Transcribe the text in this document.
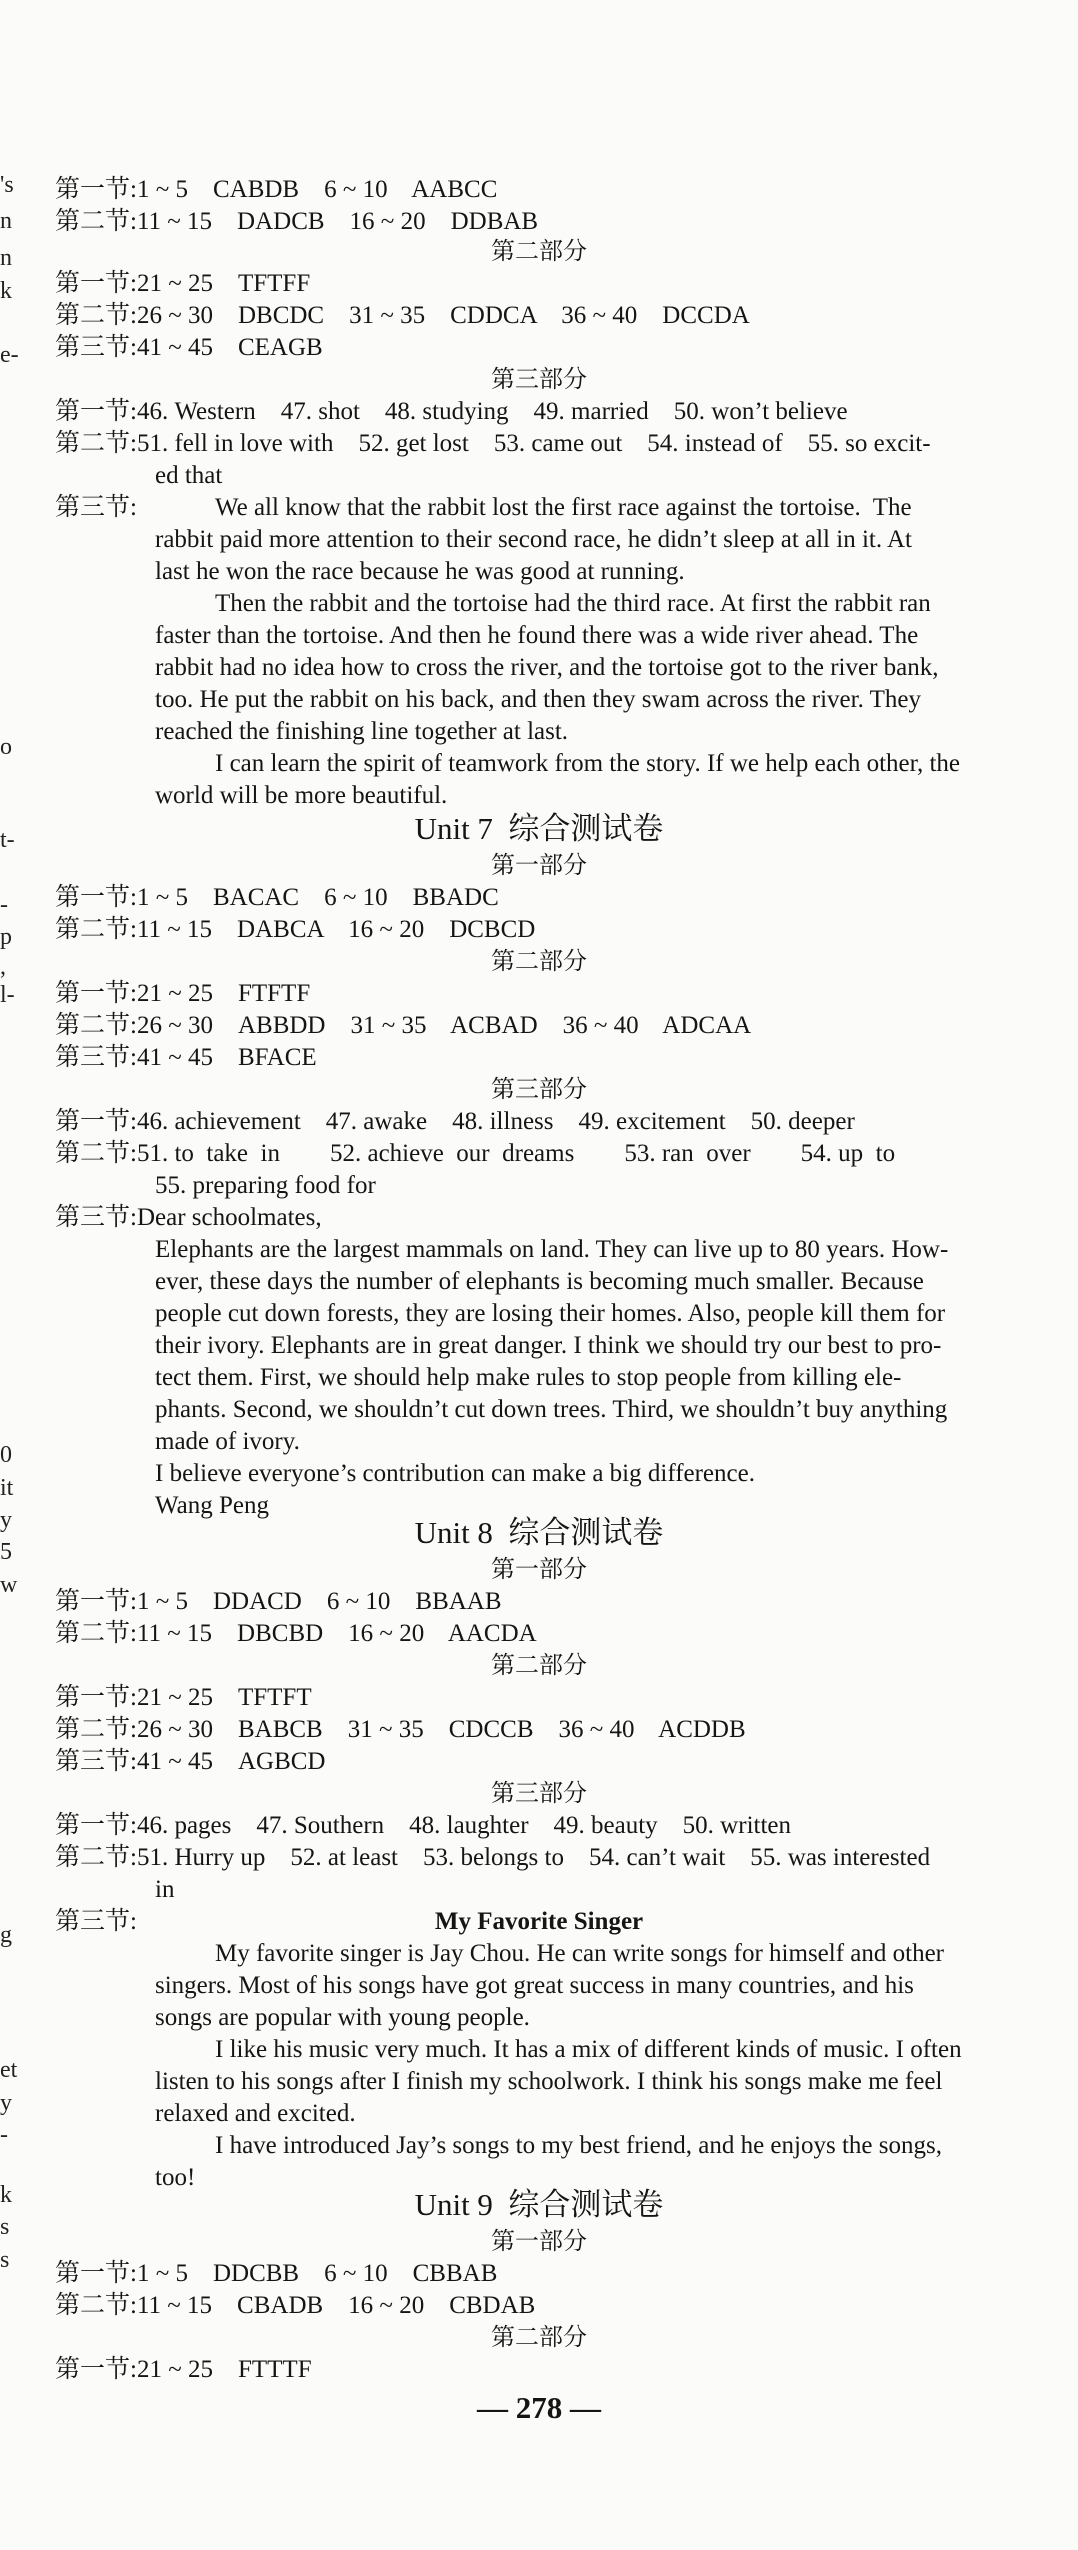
's
n
n
k
e-
o
t-
-
p
,
l-
0
it
y
5
w
g
et
y
-
k
s
s
第一节:1 ~ 5    CABDB    6 ~ 10    AABCC
第二节:11 ~ 15    DADCB    16 ~ 20    DDBAB
第二部分
第一节:21 ~ 25    TFTFF
第二节:26 ~ 30    DBCDC    31 ~ 35    CDDCA    36 ~ 40    DCCDA
第三节:41 ~ 45    CEAGB
第三部分
第一节:46. Western    47. shot    48. studying    49. married    50. won’t believe
第二节:51. fell in love with    52. get lost    53. came out    54. instead of    55. so excit-
ed that
第三节:	We all know that the rabbit lost the first race against the tortoise.  The
rabbit paid more attention to their second race, he didn’t sleep at all in it. At
last he won the race because he was good at running.
Then the rabbit and the tortoise had the third race. At first the rabbit ran
faster than the tortoise. And then he found there was a wide river ahead. The
rabbit had no idea how to cross the river, and the tortoise got to the river bank,
too. He put the rabbit on his back, and then they swam across the river. They
reached the finishing line together at last.
I can learn the spirit of teamwork from the story. If we help each other, the
world will be more beautiful.
Unit 7  综合测试卷
第一部分
第一节:1 ~ 5    BACAC    6 ~ 10    BBADC
第二节:11 ~ 15    DABCA    16 ~ 20    DCBCD
第二部分
第一节:21 ~ 25    FTFTF
第二节:26 ~ 30    ABBDD    31 ~ 35    ACBAD    36 ~ 40    ADCAA
第三节:41 ~ 45    BFACE
第三部分
第一节:46. achievement    47. awake    48. illness    49. excitement    50. deeper
第二节:51. to  take  in        52. achieve  our  dreams        53. ran  over        54. up  to
55. preparing food for
第三节:Dear schoolmates,
Elephants are the largest mammals on land. They can live up to 80 years. How-
ever, these days the number of elephants is becoming much smaller. Because
people cut down forests, they are losing their homes. Also, people kill them for
their ivory. Elephants are in great danger. I think we should try our best to pro-
tect them. First, we should help make rules to stop people from killing ele-
phants. Second, we shouldn’t cut down trees. Third, we shouldn’t buy anything
made of ivory.
I believe everyone’s contribution can make a big difference.
Wang Peng
Unit 8  综合测试卷
第一部分
第一节:1 ~ 5    DDACD    6 ~ 10    BBAAB
第二节:11 ~ 15    DBCBD    16 ~ 20    AACDA
第二部分
第一节:21 ~ 25    TFTFT
第二节:26 ~ 30    BABCB    31 ~ 35    CDCCB    36 ~ 40    ACDDB
第三节:41 ~ 45    AGBCD
第三部分
第一节:46. pages    47. Southern    48. laughter    49. beauty    50. written
第二节:51. Hurry up    52. at least    53. belongs to    54. can’t wait    55. was interested
in
第三节:	My Favorite Singer
My favorite singer is Jay Chou. He can write songs for himself and other
singers. Most of his songs have got great success in many countries, and his
songs are popular with young people.
I like his music very much. It has a mix of different kinds of music. I often
listen to his songs after I finish my schoolwork. I think his songs make me feel
relaxed and excited.
I have introduced Jay’s songs to my best friend, and he enjoys the songs,
too!
Unit 9  综合测试卷
第一部分
第一节:1 ~ 5    DDCBB    6 ~ 10    CBBAB
第二节:11 ~ 15    CBADB    16 ~ 20    CBDAB
第二部分
第一节:21 ~ 25    FTTTF
— 278 —
